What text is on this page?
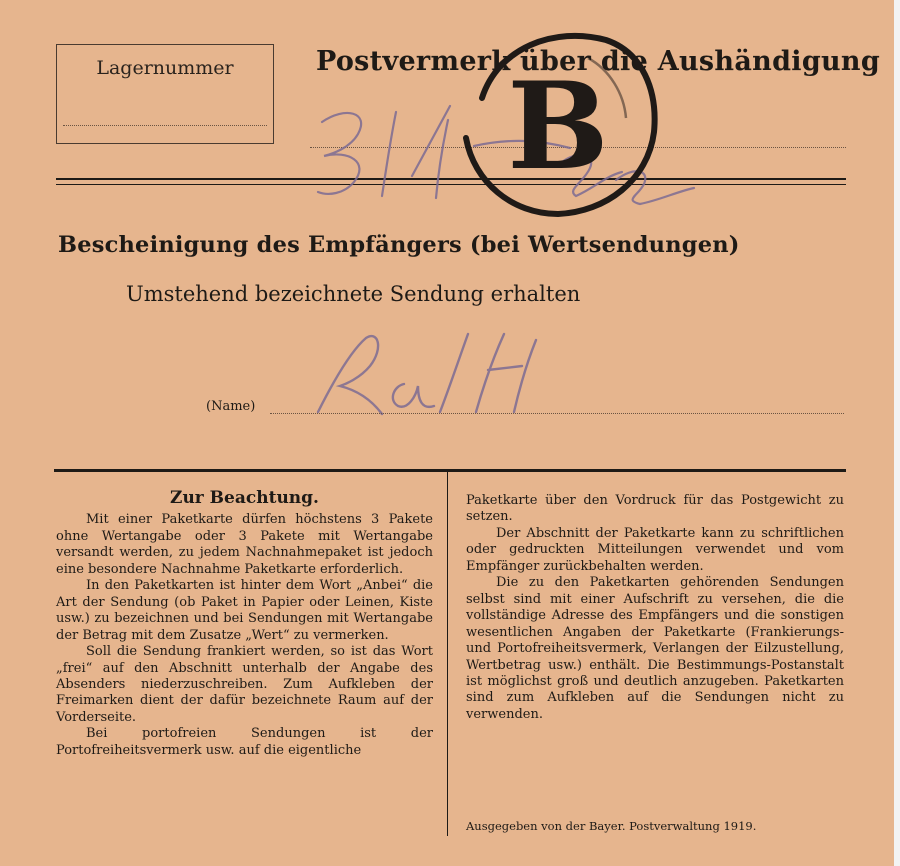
Lagernummer	Postvermerk über die Aushändigung
B
Bescheinigung des Empfängers (bei Wertsendungen)
Umstehend bezeichnete Sendung erhalten
(Name)
Zur Beachtung.

Mit einer Paketkarte dürfen höchstens 3 Pakete ohne Wertangabe oder 3 Pakete mit Wertangabe versandt werden, zu jedem Nachnahmepaket ist jedoch eine besondere Nachnahme Paketkarte erforderlich.

In den Paketkarten ist hinter dem Wort „Anbei“ die Art der Sendung (ob Paket in Papier oder Leinen, Kiste usw.) zu bezeichnen und bei Sendungen mit Wertangabe der Betrag mit dem Zusatze „Wert“ zu vermerken.

Soll die Sendung frankiert werden, so ist das Wort „frei“ auf den Abschnitt unterhalb der Angabe des Absenders niederzuschreiben. Zum Aufkleben der Freimarken dient der dafür bezeichnete Raum auf der Vorderseite.

Bei portofreien Sendungen ist der Portofreiheitsvermerk usw. auf die eigentliche

Paketkarte über den Vordruck für das Postgewicht zu setzen.

Der Abschnitt der Paketkarte kann zu schriftlichen oder gedruckten Mitteilungen verwendet und vom Empfänger zurückbehalten werden.

Die zu den Paketkarten gehörenden Sendungen selbst sind mit einer Aufschrift zu versehen, die die vollständige Adresse des Empfängers und die sonstigen wesentlichen Angaben der Paketkarte (Frankierungs- und Portofreiheitsvermerk, Verlangen der Eilzustellung, Wertbetrag usw.) enthält. Die Bestimmungs-Postanstalt ist möglichst groß und deutlich anzugeben. Paketkarten sind zum Aufkleben auf die Sendungen nicht zu verwenden.

Ausgegeben von der Bayer. Postverwaltung 1919.
